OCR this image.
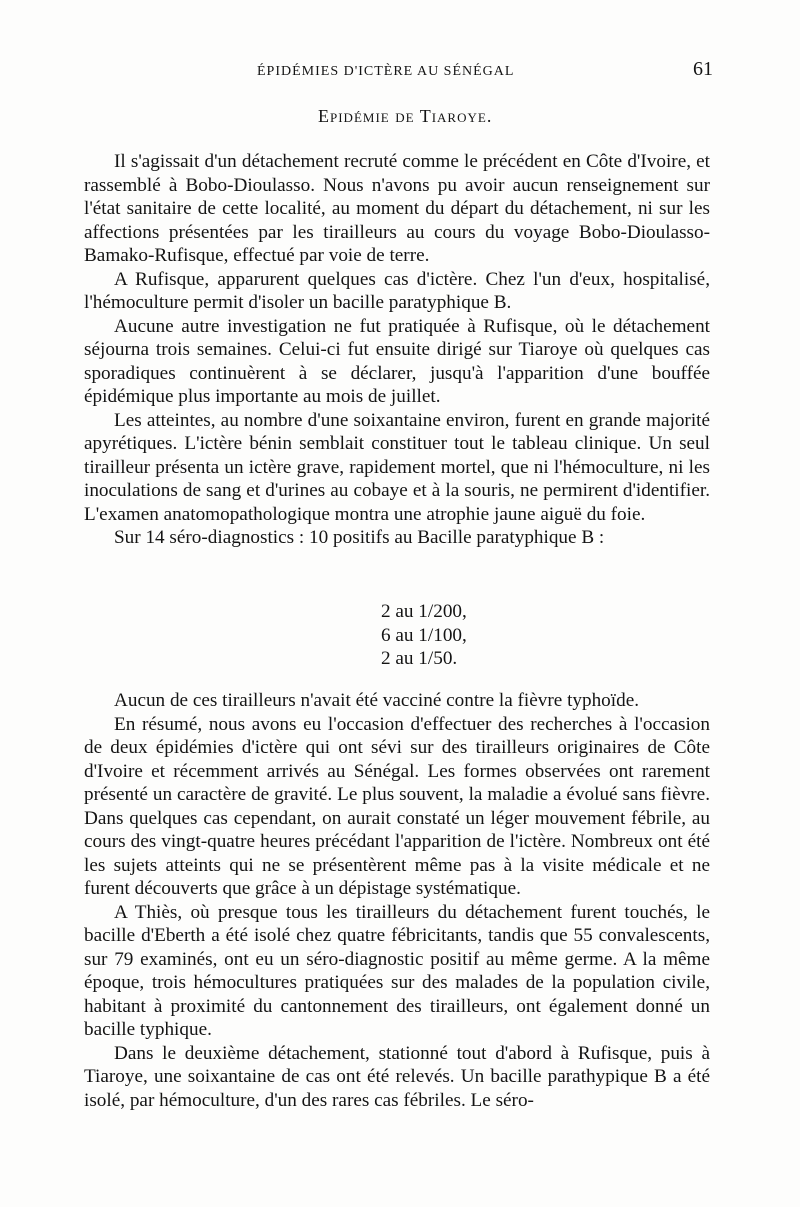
ÉPIDÉMIES D'ICTÈRE AU SÉNÉGAL	61
Epidémie de Tiaroye.

Il s'agissait d'un détachement recruté comme le précédent en Côte d'Ivoire, et rassemblé à Bobo-Dioulasso. Nous n'avons pu avoir aucun renseignement sur l'état sanitaire de cette localité, au moment du départ du détachement, ni sur les affections présentées par les tirailleurs au cours du voyage Bobo-Dioulasso-Bamako-Rufisque, effectué par voie de terre.

A Rufisque, apparurent quelques cas d'ictère. Chez l'un d'eux, hospitalisé, l'hémoculture permit d'isoler un bacille paratyphique B.

Aucune autre investigation ne fut pratiquée à Rufisque, où le détachement séjourna trois semaines. Celui-ci fut ensuite dirigé sur Tiaroye où quelques cas sporadiques continuèrent à se déclarer, jusqu'à l'apparition d'une bouffée épidémique plus importante au mois de juillet.

Les atteintes, au nombre d'une soixantaine environ, furent en grande majorité apyrétiques. L'ictère bénin semblait constituer tout le tableau clinique. Un seul tirailleur présenta un ictère grave, rapidement mortel, que ni l'hémoculture, ni les inoculations de sang et d'urines au cobaye et à la souris, ne permirent d'identifier. L'examen anatomopathologique montra une atrophie jaune aiguë du foie.

Sur 14 séro-diagnostics : 10 positifs au Bacille paratyphique B :

2 au 1/200,
6 au 1/100,
2 au 1/50.

Aucun de ces tirailleurs n'avait été vacciné contre la fièvre typhoïde.

En résumé, nous avons eu l'occasion d'effectuer des recherches à l'occasion de deux épidémies d'ictère qui ont sévi sur des tirailleurs originaires de Côte d'Ivoire et récemment arrivés au Sénégal. Les formes observées ont rarement présenté un caractère de gravité. Le plus souvent, la maladie a évolué sans fièvre. Dans quelques cas cependant, on aurait constaté un léger mouvement fébrile, au cours des vingt-quatre heures précédant l'apparition de l'ictère. Nombreux ont été les sujets atteints qui ne se présentèrent même pas à la visite médicale et ne furent découverts que grâce à un dépistage systématique.

A Thiès, où presque tous les tirailleurs du détachement furent touchés, le bacille d'Eberth a été isolé chez quatre fébricitants, tandis que 55 convalescents, sur 79 examinés, ont eu un séro-diagnostic positif au même germe. A la même époque, trois hémocultures pratiquées sur des malades de la population civile, habitant à proximité du cantonnement des tirailleurs, ont également donné un bacille typhique.

Dans le deuxième détachement, stationné tout d'abord à Rufisque, puis à Tiaroye, une soixantaine de cas ont été relevés. Un bacille parathypique B a été isolé, par hémoculture, d'un des rares cas fébriles. Le séro-
